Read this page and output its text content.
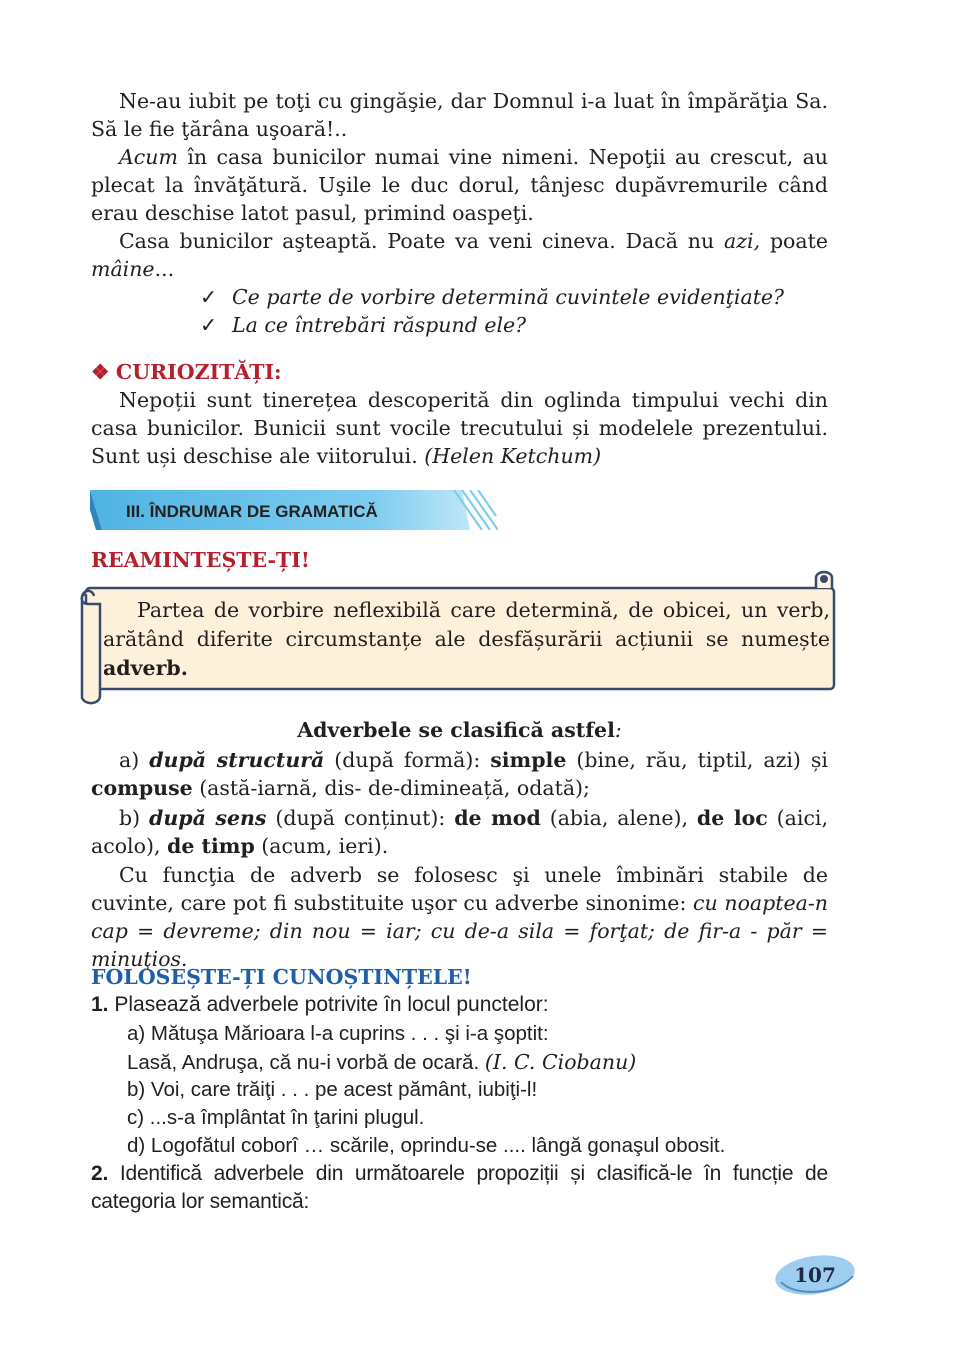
Ne-au iubit pe toţi cu gingăşie, dar Domnul i-a luat în împărăţia Sa. Să le fie ţărâna uşoară!..

Acum în casa bunicilor numai vine nimeni. Nepoţii au crescut, au plecat la învăţătură. Uşile le duc dorul, tânjesc dupăvremurile când erau deschise latot pasul, primind oaspeţi.

Casa bunicilor aşteaptă. Poate va veni cineva. Dacă nu azi, poate mâine...

✓ Ce parte de vorbire determină cuvintele evidenţiate?
✓ La ce întrebări răspund ele?
❖ CURIOZITĂȚI:

Nepoții sunt tinerețea descoperită din oglinda timpului vechi din casa bunicilor. Bunicii sunt vocile trecutului și modelele prezentului. Sunt uși deschise ale viitorului. (Helen Ketchum)

III. ÎNDRUMAR DE GRAMATICĂ
REAMINTEȘTE-ȚI!

Partea de vorbire neflexibilă care determină, de obicei, un verb, arătând diferite circumstanțe ale desfășurării acțiunii se numește adverb.

Adverbele se clasifică astfel:

a) după structură (după formă): simple (bine, rău, tiptil, azi) și compuse (astă-iarnă, dis- de-dimineață, odată);

b) după sens (după conținut): de mod (abia, alene), de loc (aici, acolo), de timp (acum, ieri).

Cu funcţia de adverb se folosesc şi unele îmbinări stabile de cuvinte, care pot fi substituite uşor cu adverbe sinonime: cu noaptea-n cap = devreme; din nou = iar; cu de-a sila = forţat; de fir-a - păr = minuţios.

FOLOSEȘTE-ȚI CUNOȘTINȚELE!
1. Plasează adverbele potrivite în locul punctelor:
a) Mătuşa Mărioara l-a cuprins . . . şi i-a şoptit:
Lasă, Andruşa, că nu-i vorbă de ocară. (I. C. Ciobanu)
b) Voi, care trăiţi . . . pe acest pământ, iubiţi-l!
c) ...s-a împlântat în ţarini plugul.
d) Logofătul coborî … scările, oprindu-se .... lângă gonaşul obosit.

2. Identifică adverbele din următoarele propoziții și clasifică-le în funcție de categoria lor semantică:

107
